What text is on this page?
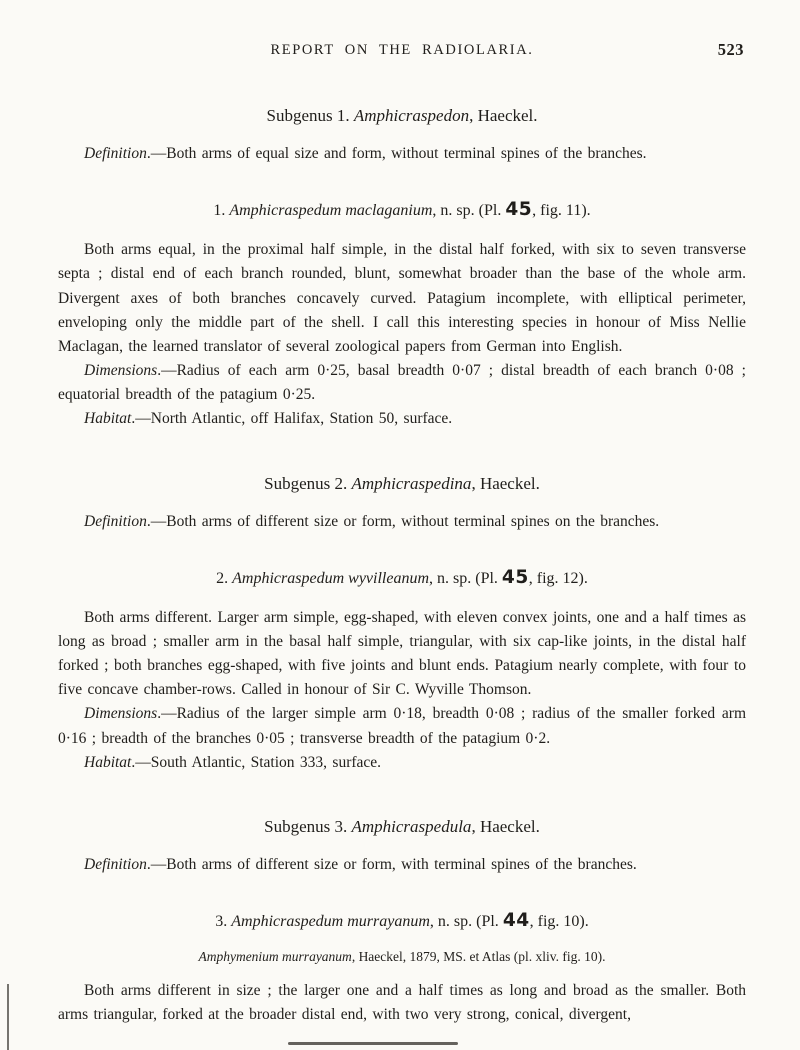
REPORT ON THE RADIOLARIA.	523
Subgenus 1. Amphicraspedon, Haeckel.

Definition.—Both arms of equal size and form, without terminal spines of the branches.

1. Amphicraspedum maclaganium, n. sp. (Pl. 45, fig. 11).

Both arms equal, in the proximal half simple, in the distal half forked, with six to seven transverse septa ; distal end of each branch rounded, blunt, somewhat broader than the base of the whole arm. Divergent axes of both branches concavely curved. Patagium incomplete, with elliptical perimeter, enveloping only the middle part of the shell. I call this interesting species in honour of Miss Nellie Maclagan, the learned translator of several zoological papers from German into English.

Dimensions.—Radius of each arm 0·25, basal breadth 0·07 ; distal breadth of each branch 0·08 ; equatorial breadth of the patagium 0·25.

Habitat.—North Atlantic, off Halifax, Station 50, surface.

Subgenus 2. Amphicraspedina, Haeckel.

Definition.—Both arms of different size or form, without terminal spines on the branches.

2. Amphicraspedum wyvilleanum, n. sp. (Pl. 45, fig. 12).

Both arms different. Larger arm simple, egg-shaped, with eleven convex joints, one and a half times as long as broad ; smaller arm in the basal half simple, triangular, with six cap-like joints, in the distal half forked ; both branches egg-shaped, with five joints and blunt ends. Patagium nearly complete, with four to five concave chamber-rows. Called in honour of Sir C. Wyville Thomson.

Dimensions.—Radius of the larger simple arm 0·18, breadth 0·08 ; radius of the smaller forked arm 0·16 ; breadth of the branches 0·05 ; transverse breadth of the patagium 0·2.

Habitat.—South Atlantic, Station 333, surface.

Subgenus 3. Amphicraspedula, Haeckel.

Definition.—Both arms of different size or form, with terminal spines of the branches.

3. Amphicraspedum murrayanum, n. sp. (Pl. 44, fig. 10).

Amphymenium murrayanum, Haeckel, 1879, MS. et Atlas (pl. xliv. fig. 10).

Both arms different in size ; the larger one and a half times as long and broad as the smaller. Both arms triangular, forked at the broader distal end, with two very strong, conical, divergent,
